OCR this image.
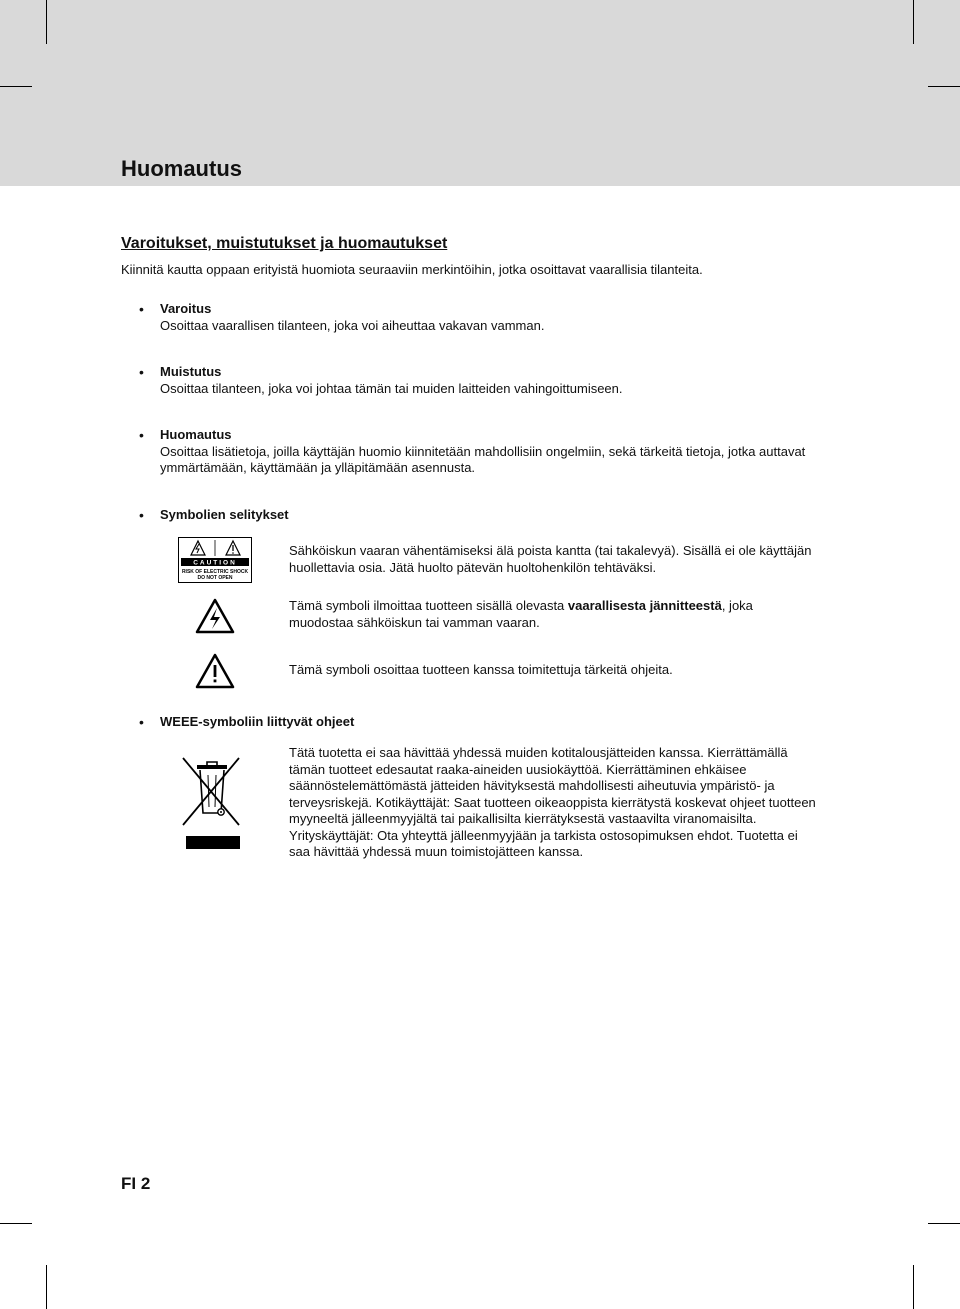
Huomautus
Varoitukset, muistutukset ja huomautukset

Kiinnitä kautta oppaan erityistä huomiota seuraaviin merkintöihin, jotka osoittavat vaarallisia tilanteita.

• Varoitus

Osoittaa vaarallisen tilanteen, joka voi aiheuttaa vakavan vamman.

• Muistutus

Osoittaa tilanteen, joka voi johtaa tämän tai muiden laitteiden vahingoittumiseen.

• Huomautus

Osoittaa lisätietoja, joilla käyttäjän huomio kiinnitetään mahdollisiin ongelmiin, sekä tärkeitä tietoja, jotka auttavat

ymmärtämään, käyttämään ja ylläpitämään asennusta.

• Symbolien selitykset

CAUTION
RISK OF ELECTRIC SHOCK
DO NOT OPEN

Sähköiskun vaaran vähentämiseksi älä poista kantta (tai takalevyä). Sisällä ei ole käyttäjän

huollettavia osia. Jätä huolto pätevän huoltohenkilön tehtäväksi.

Tämä symboli ilmoittaa tuotteen sisällä olevasta vaarallisesta jännitteestä, joka

muodostaa sähköiskun tai vamman vaaran.

Tämä symboli osoittaa tuotteen kanssa toimitettuja tärkeitä ohjeita.

• WEEE-symboliin liittyvät ohjeet

Tätä tuotetta ei saa hävittää yhdessä muiden kotitalousjätteiden kanssa. Kierrättämällä

tämän tuotteet edesautat raaka-aineiden uusiokäyttöä. Kierrättäminen ehkäisee

säännöstelemättömästä jätteiden hävityksestä mahdollisesti aiheutuvia ympäristö- ja

terveysriskejä. Kotikäyttäjät: Saat tuotteen oikeaoppista kierrätystä koskevat ohjeet tuotteen

myyneeltä jälleenmyyjältä tai paikallisilta kierrätyksestä vastaavilta viranomaisilta.

Yrityskäyttäjät: Ota yhteyttä jälleenmyyjään ja tarkista ostosopimuksen ehdot. Tuotetta ei

saa hävittää yhdessä muun toimistojätteen kanssa.

FI 2
